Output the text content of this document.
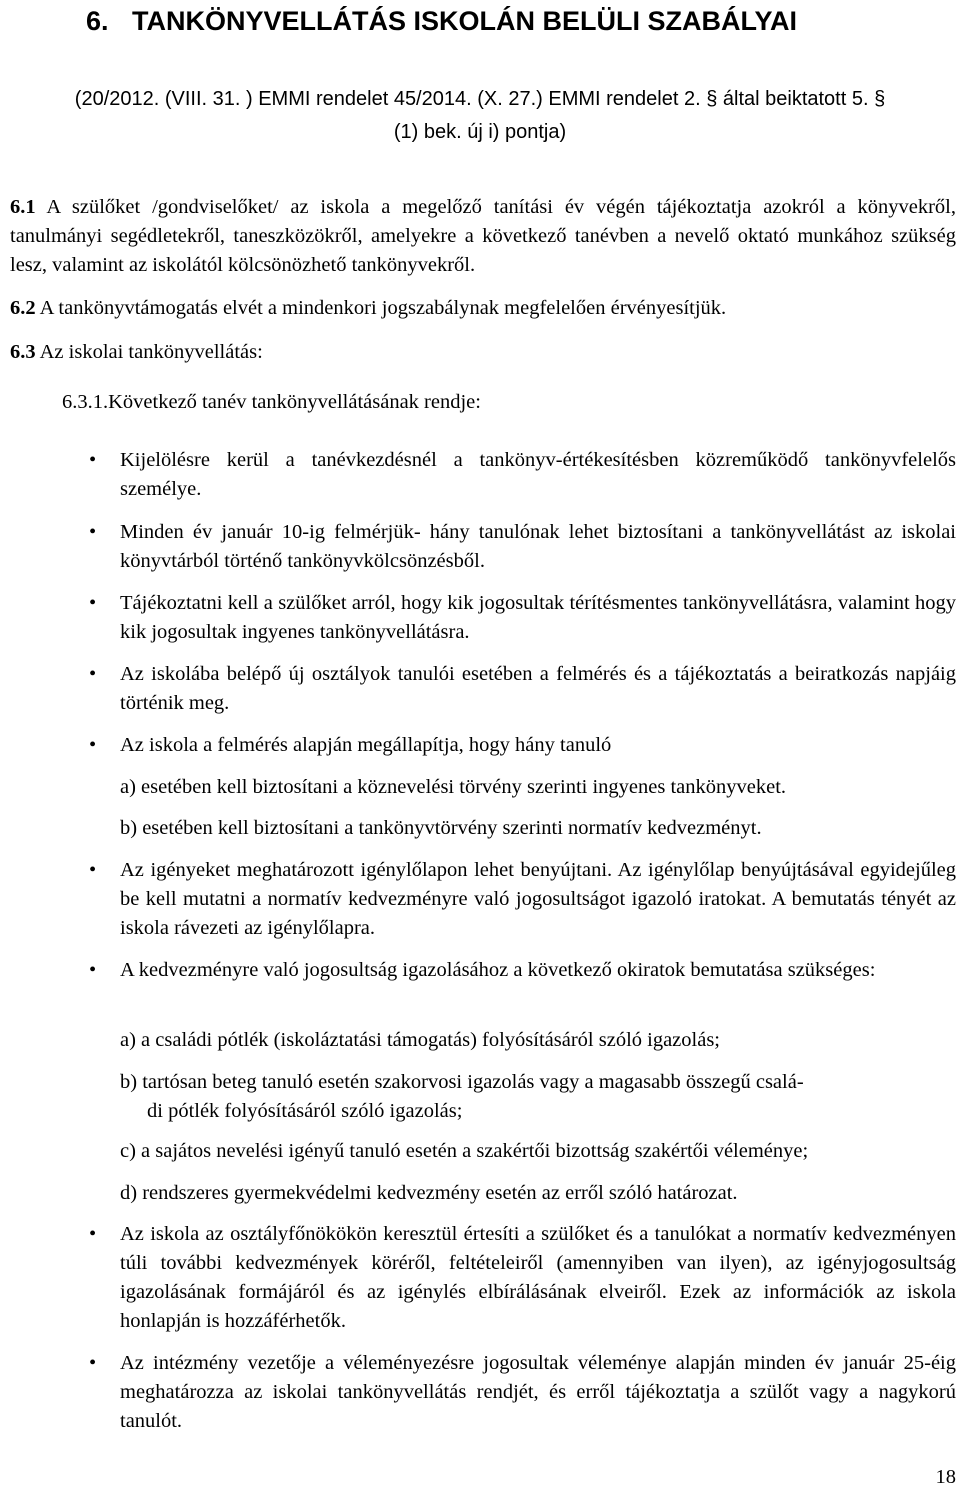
6. TANKÖNYVELLÁTÁS ISKOLÁN BELÜLI SZABÁLYAI
(20/2012. (VIII. 31. ) EMMI rendelet 45/2014. (X. 27.) EMMI rendelet 2. § által beiktatott 5. §
(1) bek. új i) pontja)
6.1 A szülőket /gondviselőket/ az iskola a megelőző tanítási év végén tájékoztatja azokról a könyvekről, tanulmányi segédletekről, taneszközökről, amelyekre a következő tanévben a nevelő oktató munkához szükség lesz, valamint az iskolától kölcsönözhető tankönyvekről.
6.2 A tankönyvtámogatás elvét a mindenkori jogszabálynak megfelelően érvényesítjük.
6.3 Az iskolai tankönyvellátás:
6.3.1.Következő tanév tankönyvellátásának rendje:
• Kijelölésre kerül a tanévkezdésnél a tankönyv-értékesítésben közreműködő tankönyvfelelős személye.
• Minden év január 10-ig felmérjük- hány tanulónak lehet biztosítani a tankönyvellátást az iskolai könyvtárból történő tankönyvkölcsönzésből.
• Tájékoztatni kell a szülőket arról, hogy kik jogosultak térítésmentes tankönyvellátásra, valamint hogy kik jogosultak ingyenes tankönyvellátásra.
• Az iskolába belépő új osztályok tanulói esetében a felmérés és a tájékoztatás a beiratkozás napjáig történik meg.
• Az iskola a felmérés alapján megállapítja, hogy hány tanuló
a) esetében kell biztosítani a köznevelési törvény szerinti ingyenes tankönyveket.
b) esetében kell biztosítani a tankönyvtörvény szerinti normatív kedvezményt.
• Az igényeket meghatározott igénylőlapon lehet benyújtani. Az igénylőlap benyújtásával egyidejűleg be kell mutatni a normatív kedvezményre való jogosultságot igazoló iratokat. A bemutatás tényét az iskola rávezeti az igénylőlapra.
• A kedvezményre való jogosultság igazolásához a következő okiratok bemutatása szükséges:
a) a családi pótlék (iskoláztatási támogatás) folyósításáról szóló igazolás;
b) tartósan beteg tanuló esetén szakorvosi igazolás vagy a magasabb összegű csalá-
di pótlék folyósításáról szóló igazolás;
c) a sajátos nevelési igényű tanuló esetén a szakértői bizottság szakértői véleménye;
d) rendszeres gyermekvédelmi kedvezmény esetén az erről szóló határozat.
• Az iskola az osztályfőnökökön keresztül értesíti a szülőket és a tanulókat a normatív kedvezményen túli további kedvezmények köréről, feltételeiről (amennyiben van ilyen), az igényjogosultság igazolásának formájáról és az igénylés elbírálásának elveiről. Ezek az információk az iskola honlapján is hozzáférhetők.
• Az intézmény vezetője a véleményezésre jogosultak véleménye alapján minden év január 25-éig meghatározza az iskolai tankönyvellátás rendjét, és erről tájékoztatja a szülőt vagy a nagykorú tanulót.
18
